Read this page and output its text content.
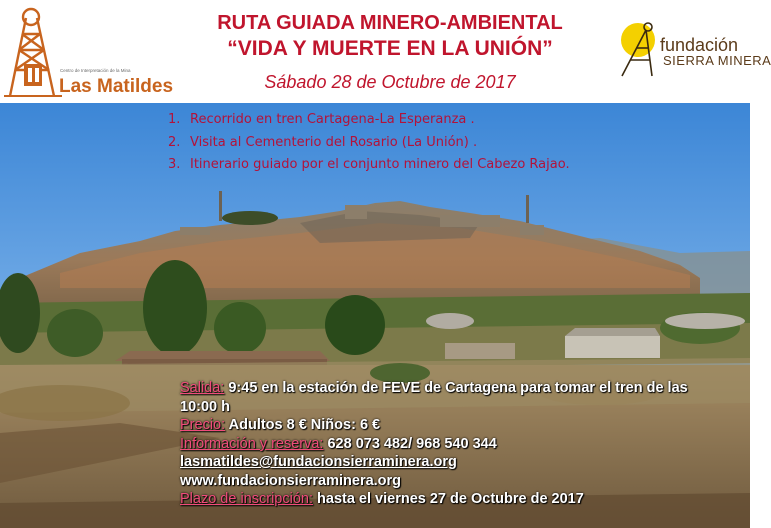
Centro de Interpretación de la Mina
Las Matildes
RUTA GUIADA MINERO-AMBIENTAL
“VIDA Y MUERTE EN LA UNIÓN”
Sábado 28 de Octubre de 2017
fundación
SIERRA MINERA
1. Recorrido en tren Cartagena-La Esperanza .
2. Visita al Cementerio del Rosario (La Unión) .
3. Itinerario guiado por el conjunto minero del Cabezo Rajao.
Salida: 9:45 en la estación de FEVE de Cartagena para tomar el tren de las
10:00 h
Precio: Adultos 8 € Niños: 6 €
Información y reserva: 628 073 482/ 968 540 344
lasmatildes@fundacionsierraminera.org
www.fundacionsierraminera.org
Plazo de inscripción: hasta el viernes 27 de Octubre de 2017
